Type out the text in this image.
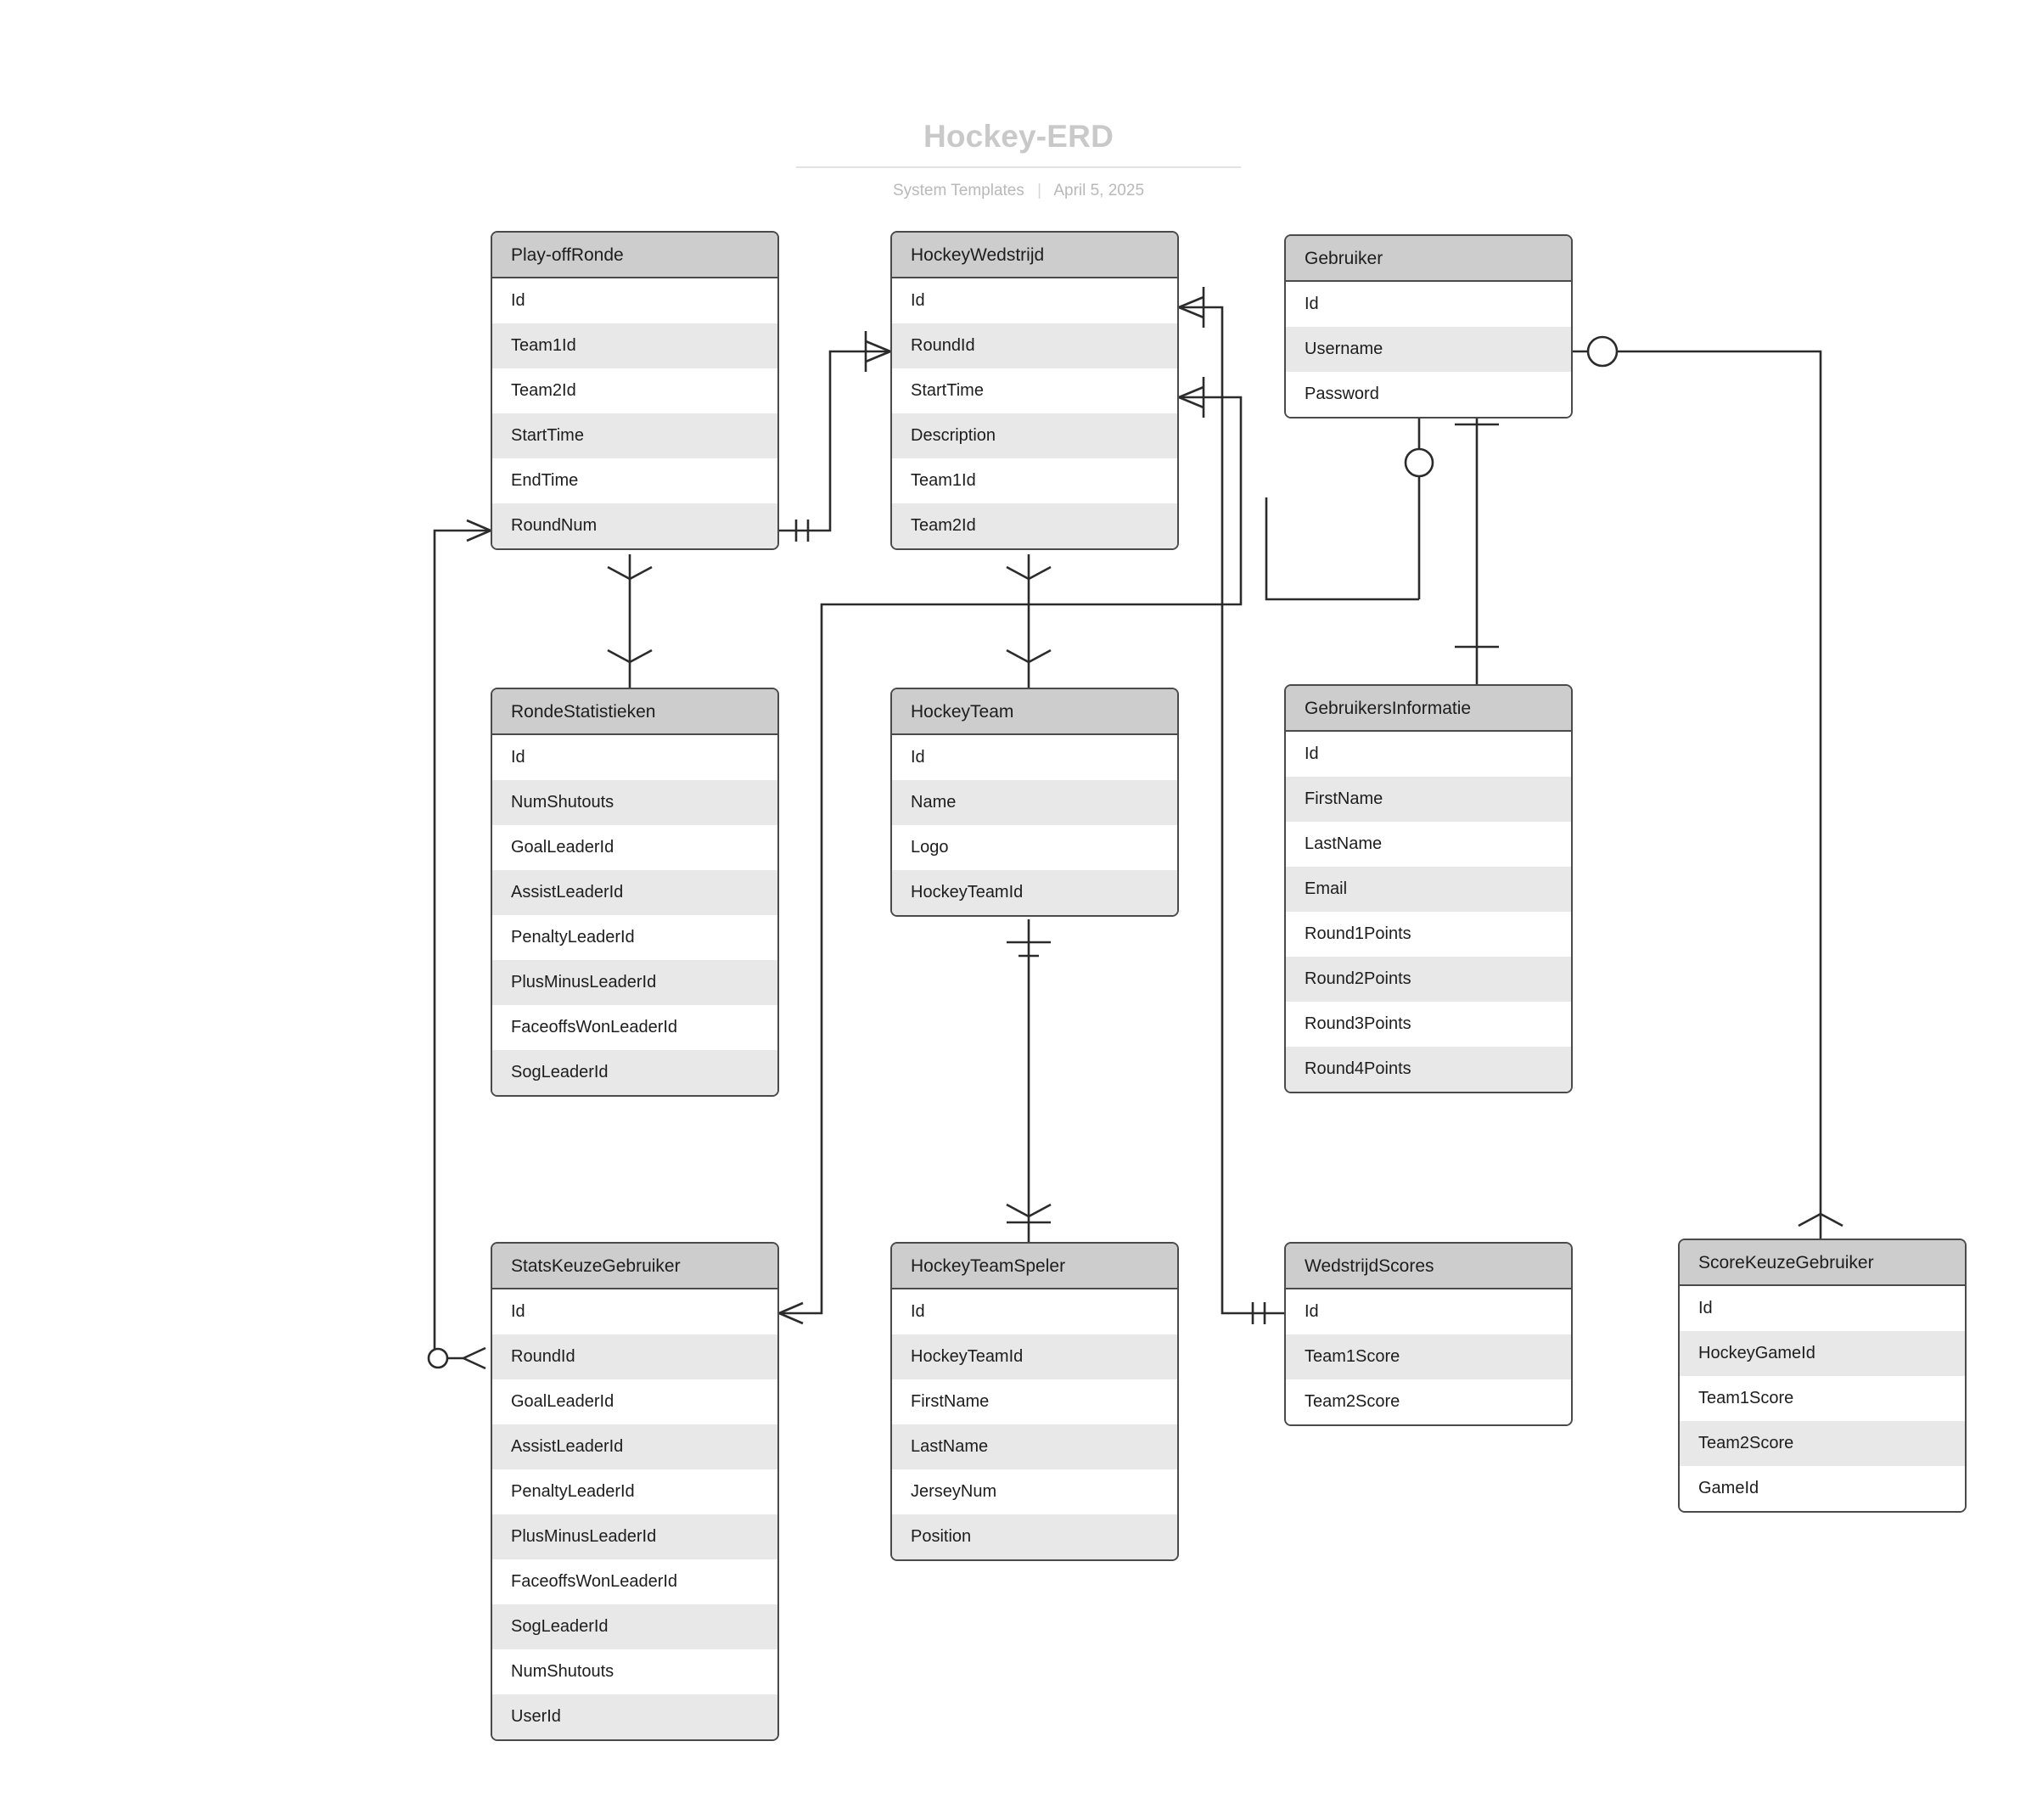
Hockey-ERD
System Templates | April 5, 2025
Play-offRonde
Id
Team1Id
Team2Id
StartTime
EndTime
RoundNum
HockeyWedstrijd
Id
RoundId
StartTime
Description
Team1Id
Team2Id
Gebruiker
Id
Username
Password
RondeStatistieken
Id
NumShutouts
GoalLeaderId
AssistLeaderId
PenaltyLeaderId
PlusMinusLeaderId
FaceoffsWonLeaderId
SogLeaderId
HockeyTeam
Id
Name
Logo
HockeyTeamId
GebruikersInformatie
Id
FirstName
LastName
Email
Round1Points
Round2Points
Round3Points
Round4Points
StatsKeuzeGebruiker
Id
RoundId
GoalLeaderId
AssistLeaderId
PenaltyLeaderId
PlusMinusLeaderId
FaceoffsWonLeaderId
SogLeaderId
NumShutouts
UserId
HockeyTeamSpeler
Id
HockeyTeamId
FirstName
LastName
JerseyNum
Position
WedstrijdScores
Id
Team1Score
Team2Score
ScoreKeuzeGebruiker
Id
HockeyGameId
Team1Score
Team2Score
GameId
